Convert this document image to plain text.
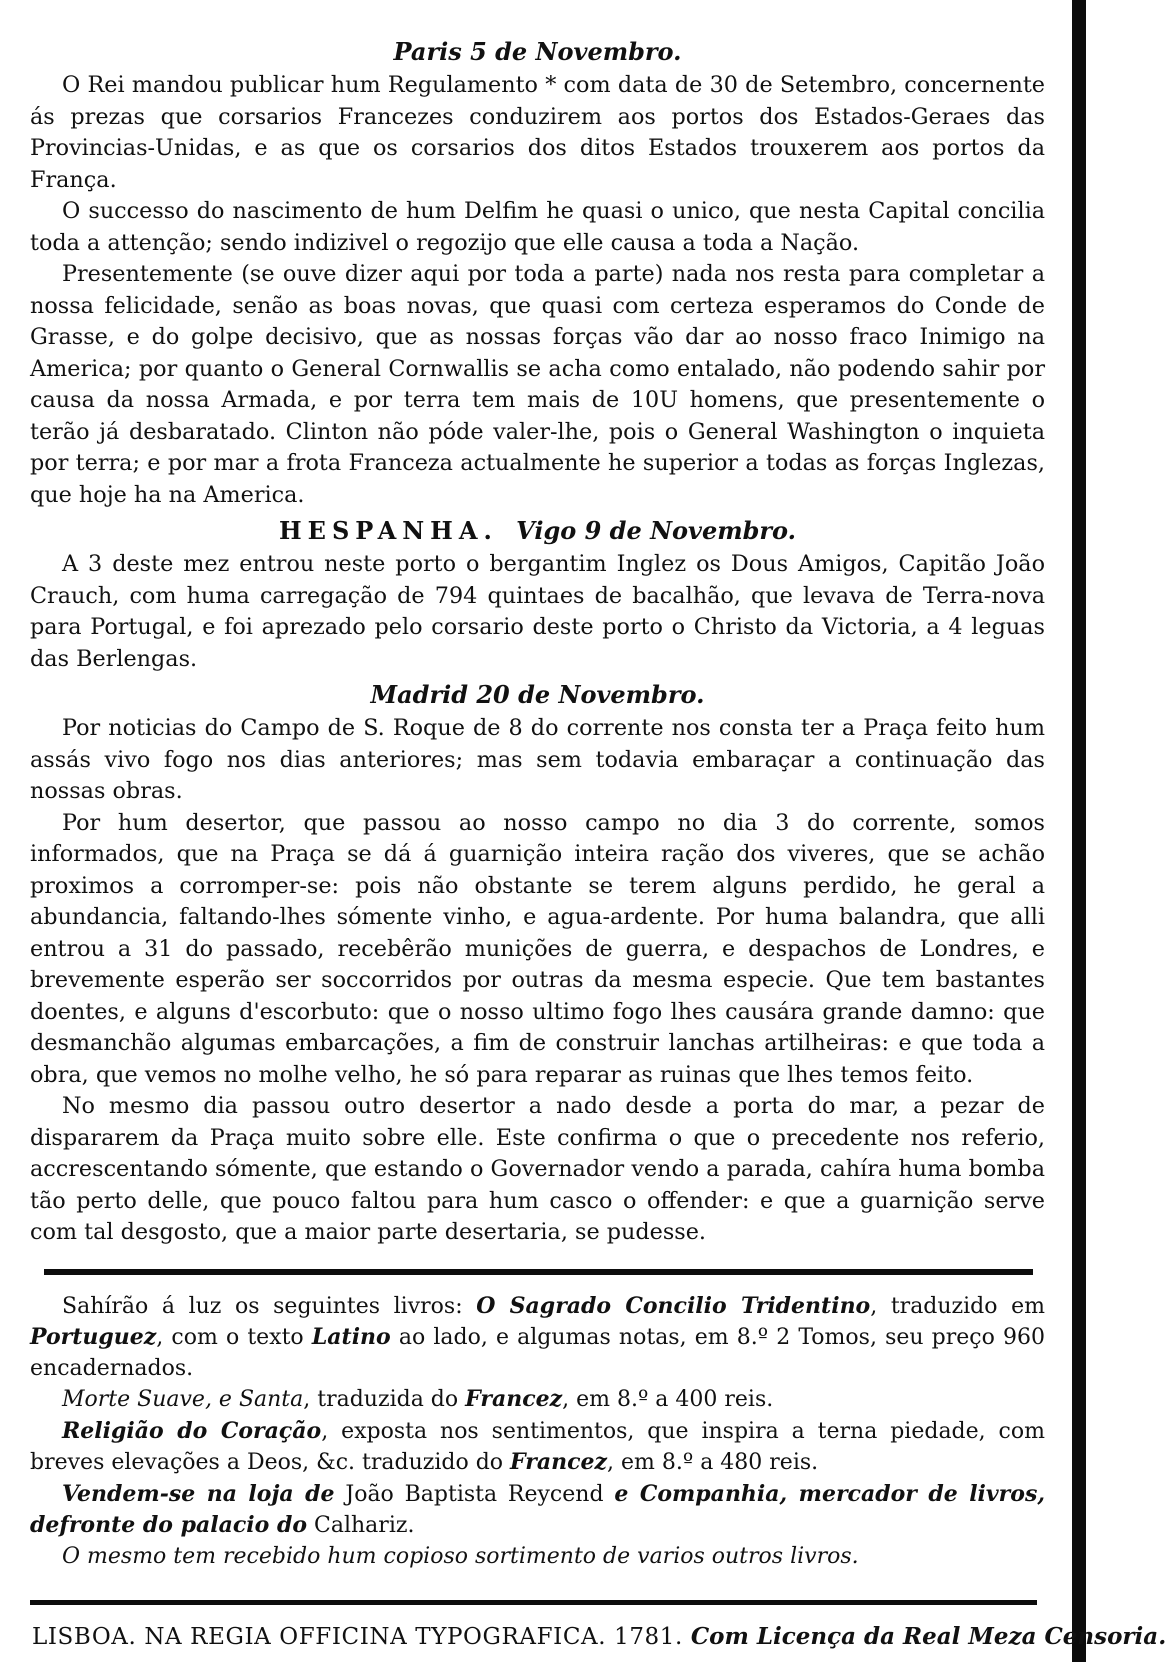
Paris 5 de Novembro.

O Rei mandou publicar hum Regulamento * com data de 30 de Setembro, concernente ás prezas que corsarios Francezes conduzirem aos portos dos Estados-Geraes das Provincias-Unidas, e as que os corsarios dos ditos Estados trouxerem aos portos da França.

O successo do nascimento de hum Delfim he quasi o unico, que nesta Capital concilia toda a attenção; sendo indizivel o regozijo que elle causa a toda a Nação.

Presentemente (se ouve dizer aqui por toda a parte) nada nos resta para completar a nossa felicidade, senão as boas novas, que quasi com certeza esperamos do Conde de Grasse, e do golpe decisivo, que as nossas forças vão dar ao nosso fraco Inimigo na America; por quanto o General Cornwallis se acha como entalado, não podendo sahir por causa da nossa Armada, e por terra tem mais de 10U homens, que presentemente o terão já desbaratado. Clinton não póde valer-lhe, pois o General Washington o inquieta por terra; e por mar a frota Franceza actualmente he superior a todas as forças Inglezas, que hoje ha na America.

HESPANHA. Vigo 9 de Novembro.

A 3 deste mez entrou neste porto o bergantim Inglez os Dous Amigos, Capitão João Crauch, com huma carregação de 794 quintaes de bacalhão, que levava de Terra-nova para Portugal, e foi aprezado pelo corsario deste porto o Christo da Victoria, a 4 leguas das Berlengas.

Madrid 20 de Novembro.

Por noticias do Campo de S. Roque de 8 do corrente nos consta ter a Praça feito hum assás vivo fogo nos dias anteriores; mas sem todavia embaraçar a continuação das nossas obras.

Por hum desertor, que passou ao nosso campo no dia 3 do corrente, somos informados, que na Praça se dá á guarnição inteira ração dos viveres, que se achão proximos a corromper-se: pois não obstante se terem alguns perdido, he geral a abundancia, faltando-lhes sómente vinho, e agua-ardente. Por huma balandra, que alli entrou a 31 do passado, recebêrão munições de guerra, e despachos de Londres, e brevemente esperão ser soccorridos por outras da mesma especie. Que tem bastantes doentes, e alguns d'escorbuto: que o nosso ultimo fogo lhes causára grande damno: que desmanchão algumas embarcações, a fim de construir lanchas artilheiras: e que toda a obra, que vemos no molhe velho, he só para reparar as ruinas que lhes temos feito.

No mesmo dia passou outro desertor a nado desde a porta do mar, a pezar de dispararem da Praça muito sobre elle. Este confirma o que o precedente nos referio, accrescentando sómente, que estando o Governador vendo a parada, cahíra huma bomba tão perto delle, que pouco faltou para hum casco o offender: e que a guarnição serve com tal desgosto, que a maior parte desertaria, se pudesse.

Sahírão á luz os seguintes livros: O Sagrado Concilio Tridentino, traduzido em Portuguez, com o texto Latino ao lado, e algumas notas, em 8.º 2 Tomos, seu preço 960 encadernados.

Morte Suave, e Santa, traduzida do Francez, em 8.º a 400 reis.

Religião do Coração, exposta nos sentimentos, que inspira a terna piedade, com breves elevações a Deos, &c. traduzido do Francez, em 8.º a 480 reis.

Vendem-se na loja de João Baptista Reycend e Companhia, mercador de livros, defronte do palacio do Calhariz.

O mesmo tem recebido hum copioso sortimento de varios outros livros.

LISBOA. NA REGIA OFFICINA TYPOGRAFICA. 1781. Com Licença da Real Meza Censoria.
